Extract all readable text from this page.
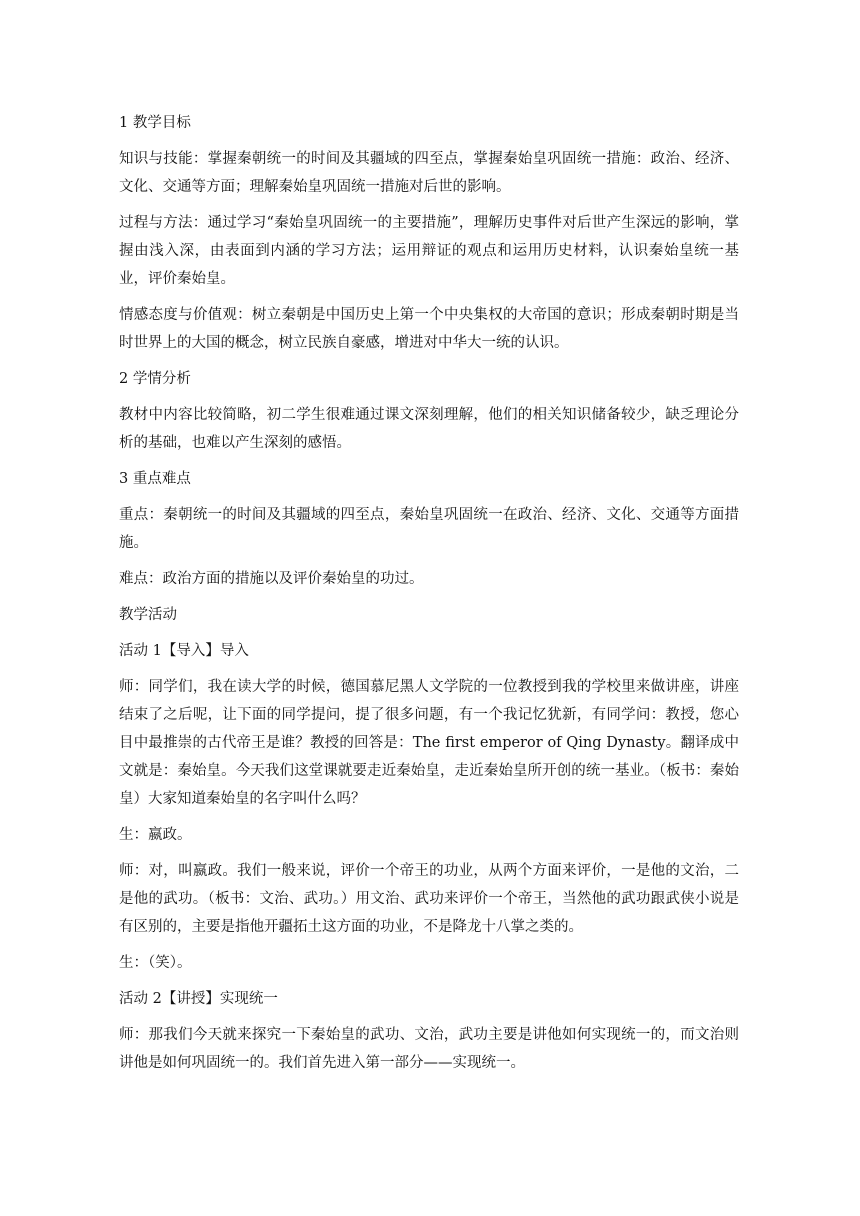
1 教学目标
知识与技能：掌握秦朝统一的时间及其疆域的四至点，掌握秦始皇巩固统一措施：政治、经济、文化、交通等方面；理解秦始皇巩固统一措施对后世的影响。
过程与方法：通过学习“秦始皇巩固统一的主要措施”，理解历史事件对后世产生深远的影响，掌握由浅入深，由表面到内涵的学习方法；运用辩证的观点和运用历史材料，认识秦始皇统一基业，评价秦始皇。
情感态度与价值观：树立秦朝是中国历史上第一个中央集权的大帝国的意识；形成秦朝时期是当时世界上的大国的概念，树立民族自豪感，增进对中华大一统的认识。
2 学情分析
教材中内容比较简略，初二学生很难通过课文深刻理解，他们的相关知识储备较少，缺乏理论分析的基础，也难以产生深刻的感悟。
3 重点难点
重点：秦朝统一的时间及其疆域的四至点，秦始皇巩固统一在政治、经济、文化、交通等方面措施。
难点：政治方面的措施以及评价秦始皇的功过。
教学活动
活动 1【导入】导入
师：同学们，我在读大学的时候，德国慕尼黑人文学院的一位教授到我的学校里来做讲座，讲座结束了之后呢，让下面的同学提问，提了很多问题，有一个我记忆犹新，有同学问：教授，您心目中最推崇的古代帝王是谁？教授的回答是：The first emperor of Qing Dynasty。翻译成中文就是：秦始皇。今天我们这堂课就要走近秦始皇，走近秦始皇所开创的统一基业。（板书：秦始皇）大家知道秦始皇的名字叫什么吗？
生：嬴政。
师：对，叫嬴政。我们一般来说，评价一个帝王的功业，从两个方面来评价，一是他的文治，二是他的武功。（板书：文治、武功。）用文治、武功来评价一个帝王，当然他的武功跟武侠小说是有区别的，主要是指他开疆拓土这方面的功业，不是降龙十八掌之类的。
生：（笑）。
活动 2【讲授】实现统一
师：那我们今天就来探究一下秦始皇的武功、文治，武功主要是讲他如何实现统一的，而文治则讲他是如何巩固统一的。我们首先进入第一部分——实现统一。
